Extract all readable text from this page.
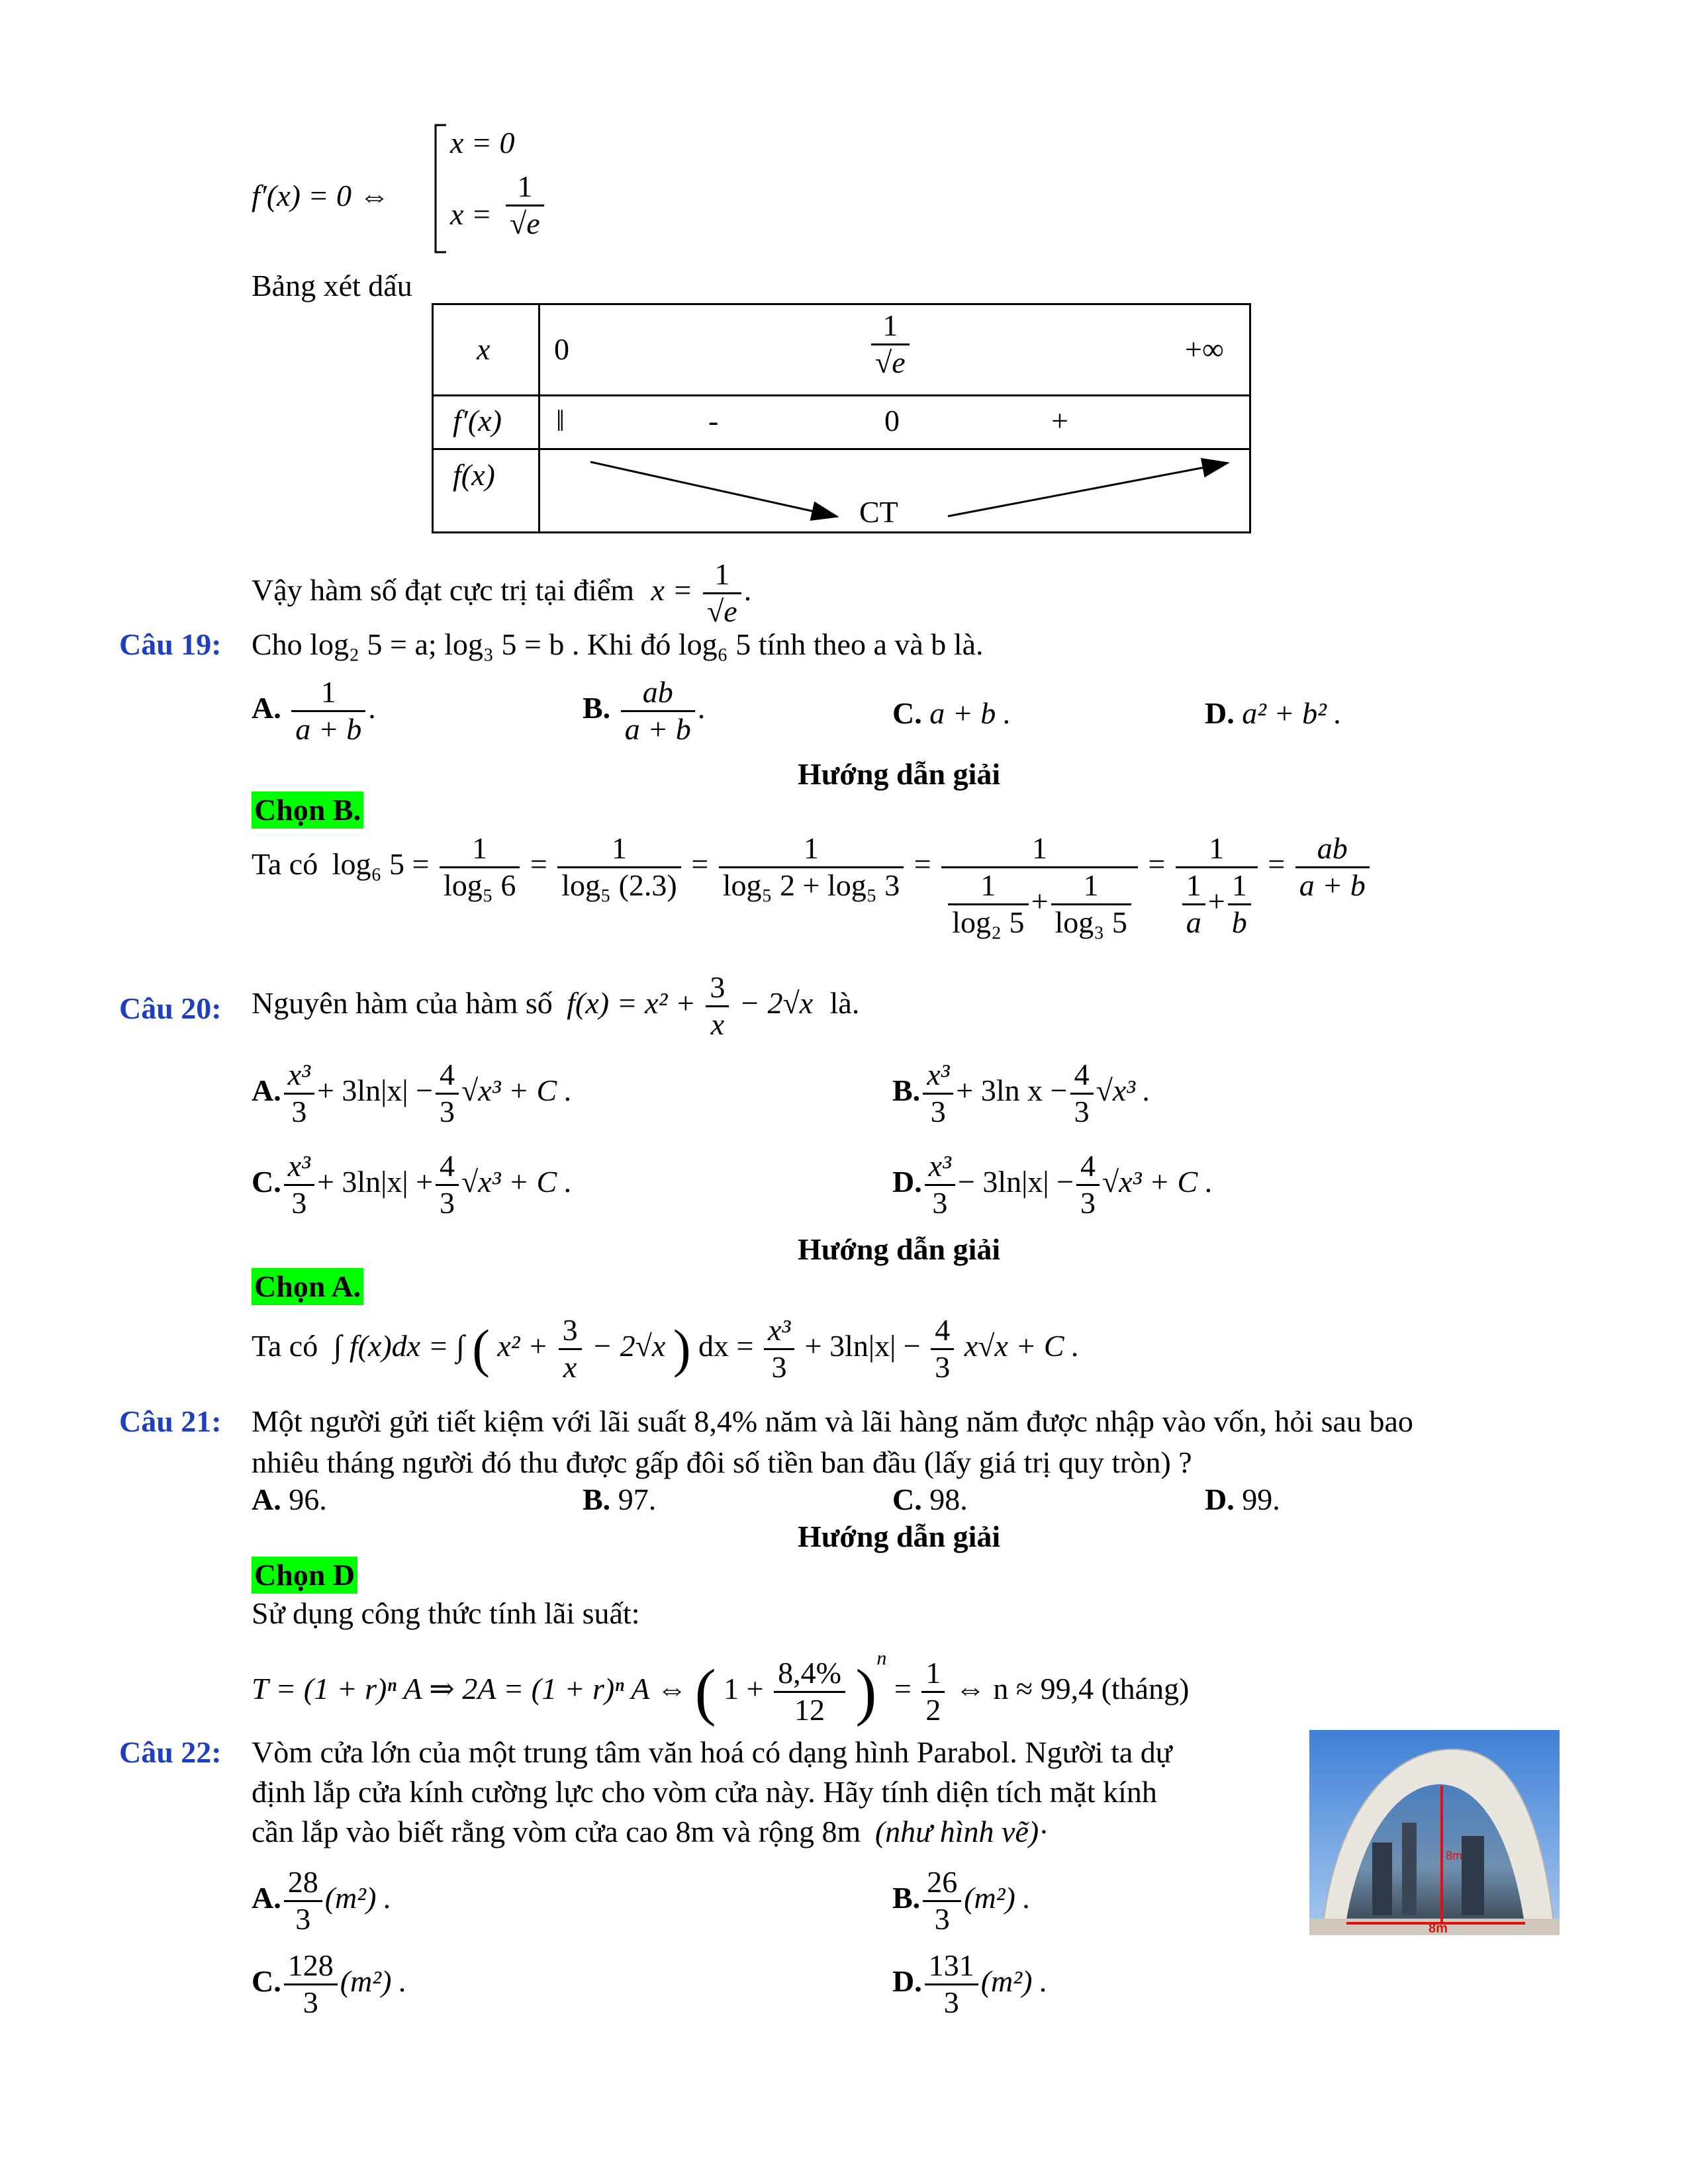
f′(x) = 0 ⇔
x = 0
$x = \frac{1}{√e}$
Bảng xét dấu
x 0	$\frac{1}{√e}$	+∞
f′(x) ‖	-	0	+
f(x)
CT
Vậy hàm số đạt cực trị tại điểm $x = \frac{1}{√e}$ .
Câu 19: Cho log₂ 5 = a; log₃ 5 = b . Khi đó log₆ 5 tính theo a và b là.
A. $\frac{1}{a + b}$ .	B. $\frac{ab}{a + b}$ .	C. a + b .	D. a² + b² .
Hướng dẫn giải
Chọn B.
Ta có log₆ $5 = \frac{1}{\text{log₅ 6}} = \frac{1}{\text{log₅ (2.3)}} = \frac{1}{\text{log₅ 2 + log₅ 3}} = \frac{1}{\frac{1}{\text{log₂ 5}} + \frac{1}{\text{log₃ 5}}} = \frac{1}{\frac{1}{a} + \frac{1}{b}} = \frac{ab}{a + b}$
Câu 20: Nguyên hàm của hàm số $f(x) = x^2 + \frac{3}{x} - 2√x$ là.
A. $\frac{\text{x³}}{3} + 3\ln|x| - \frac{4}{3} √x^3 + C$ .	B. $\frac{\text{x³}}{3} + 3\ln$ $x - \frac{4}{3} √x^3$ .
C. $\frac{\text{x³}}{3} + 3\ln|x| + \frac{4}{3} √x^3 + C$ .	D. $\frac{\text{x³}}{3} - 3\ln|x| - \frac{4}{3} √x^3 + C$ .
Hướng dẫn giải
Chọn A.
Ta có ∫ f(x)dx = ∫ ( $x^2 + \frac{3}{x} - 2√x$ ) dx = $\frac{\text{x³}}{3} + 3\ln|x| - \frac{4}{3} x√x + C$ .
Câu 21: Một người gửi tiết kiệm với lãi suất 8,4% năm và lãi hàng năm được nhập vào vốn, hỏi sau bao
nhiêu tháng người đó thu được gấp đôi số tiền ban đầu (lấy giá trị quy tròn) ?
A. 96.	B. 97.	C. 98.	D. 99.
Hướng dẫn giải
Chọn D
Sử dụng công thức tính lãi suất:
T = (1 + r)ⁿ A ⇒ 2A = (1 + r)ⁿ A ⇔ ( $1 + \frac{8,4\%}{12} )^n = \frac{1}{2}$ ⇔ n ≈ 99,4 (tháng)
Câu 22: Vòm cửa lớn của một trung tâm văn hoá có dạng hình Parabol. Người ta dự
định lắp cửa kính cường lực cho vòm cửa này. Hãy tính diện tích mặt kính
cần lắp vào biết rằng vòm cửa cao 8m và rộng 8m (như hình vẽ)·
A. $\frac{28}{3} (m^2)$ .	B. $\frac{26}{3} (m^2)$ .
C. $\frac{128}{3} (m^2)$ .	D. $\frac{131}{3} (m^2)$ .
8m
8m
